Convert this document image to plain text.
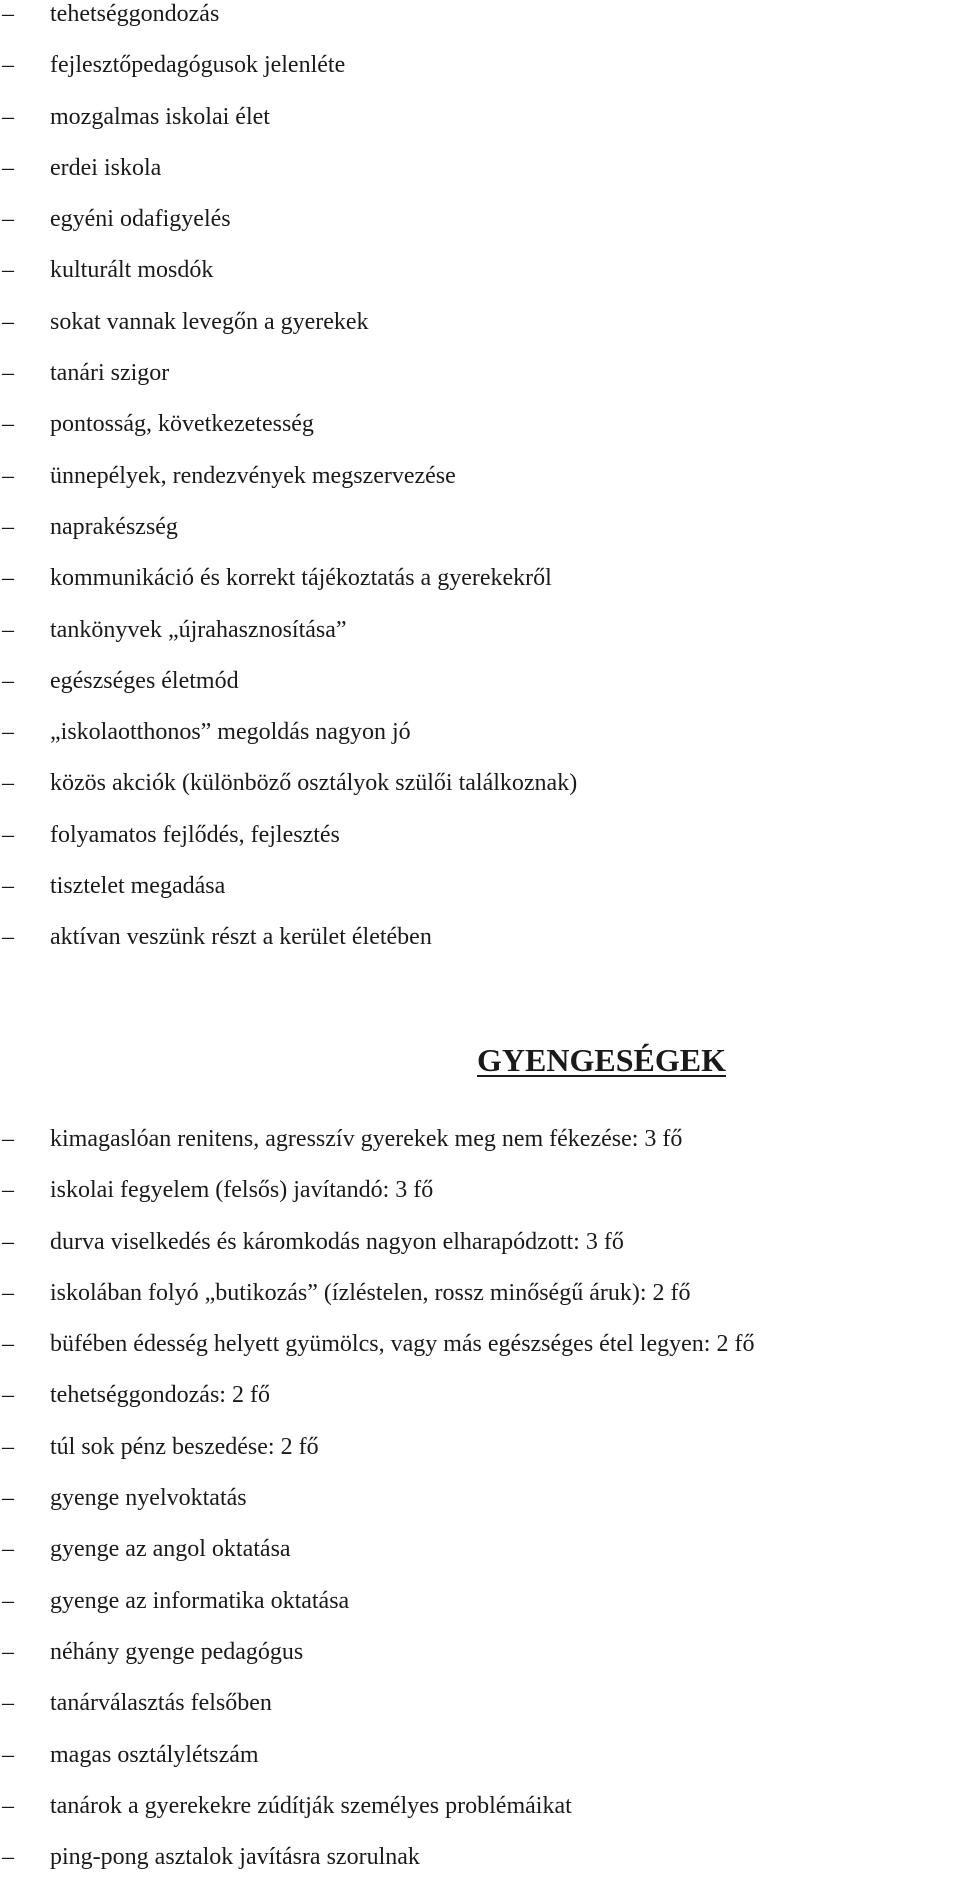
–	tehetséggondozás
–	fejlesztőpedagógusok jelenléte
–	mozgalmas iskolai élet
–	erdei iskola
–	egyéni odafigyelés
–	kulturált mosdók
–	sokat vannak levegőn a gyerekek
–	tanári szigor
–	pontosság, következetesség
–	ünnepélyek, rendezvények megszervezése
–	naprakészség
–	kommunikáció és korrekt tájékoztatás a gyerekekről
–	tankönyvek „újrahasznosítása”
–	egészséges életmód
–	„iskolaotthonos” megoldás nagyon jó
–	közös akciók (különböző osztályok szülői találkoznak)
–	folyamatos fejlődés, fejlesztés
–	tisztelet megadása
–	aktívan veszünk részt a kerület életében
GYENGESÉGEK
–	kimagaslóan renitens, agresszív gyerekek meg nem fékezése: 3 fő
–	iskolai fegyelem (felsős) javítandó: 3 fő
–	durva viselkedés és káromkodás nagyon elharapódzott: 3 fő
–	iskolában folyó „butikozás” (ízléstelen, rossz minőségű áruk): 2 fő
–	büfében édesség helyett gyümölcs, vagy más egészséges étel legyen: 2 fő
–	tehetséggondozás: 2 fő
–	túl sok pénz beszedése: 2 fő
–	gyenge nyelvoktatás
–	gyenge az angol oktatása
–	gyenge az informatika oktatása
–	néhány gyenge pedagógus
–	tanárválasztás felsőben
–	magas osztálylétszám
–	tanárok a gyerekekre zúdítják személyes problémáikat
–	ping-pong asztalok javításra szorulnak
